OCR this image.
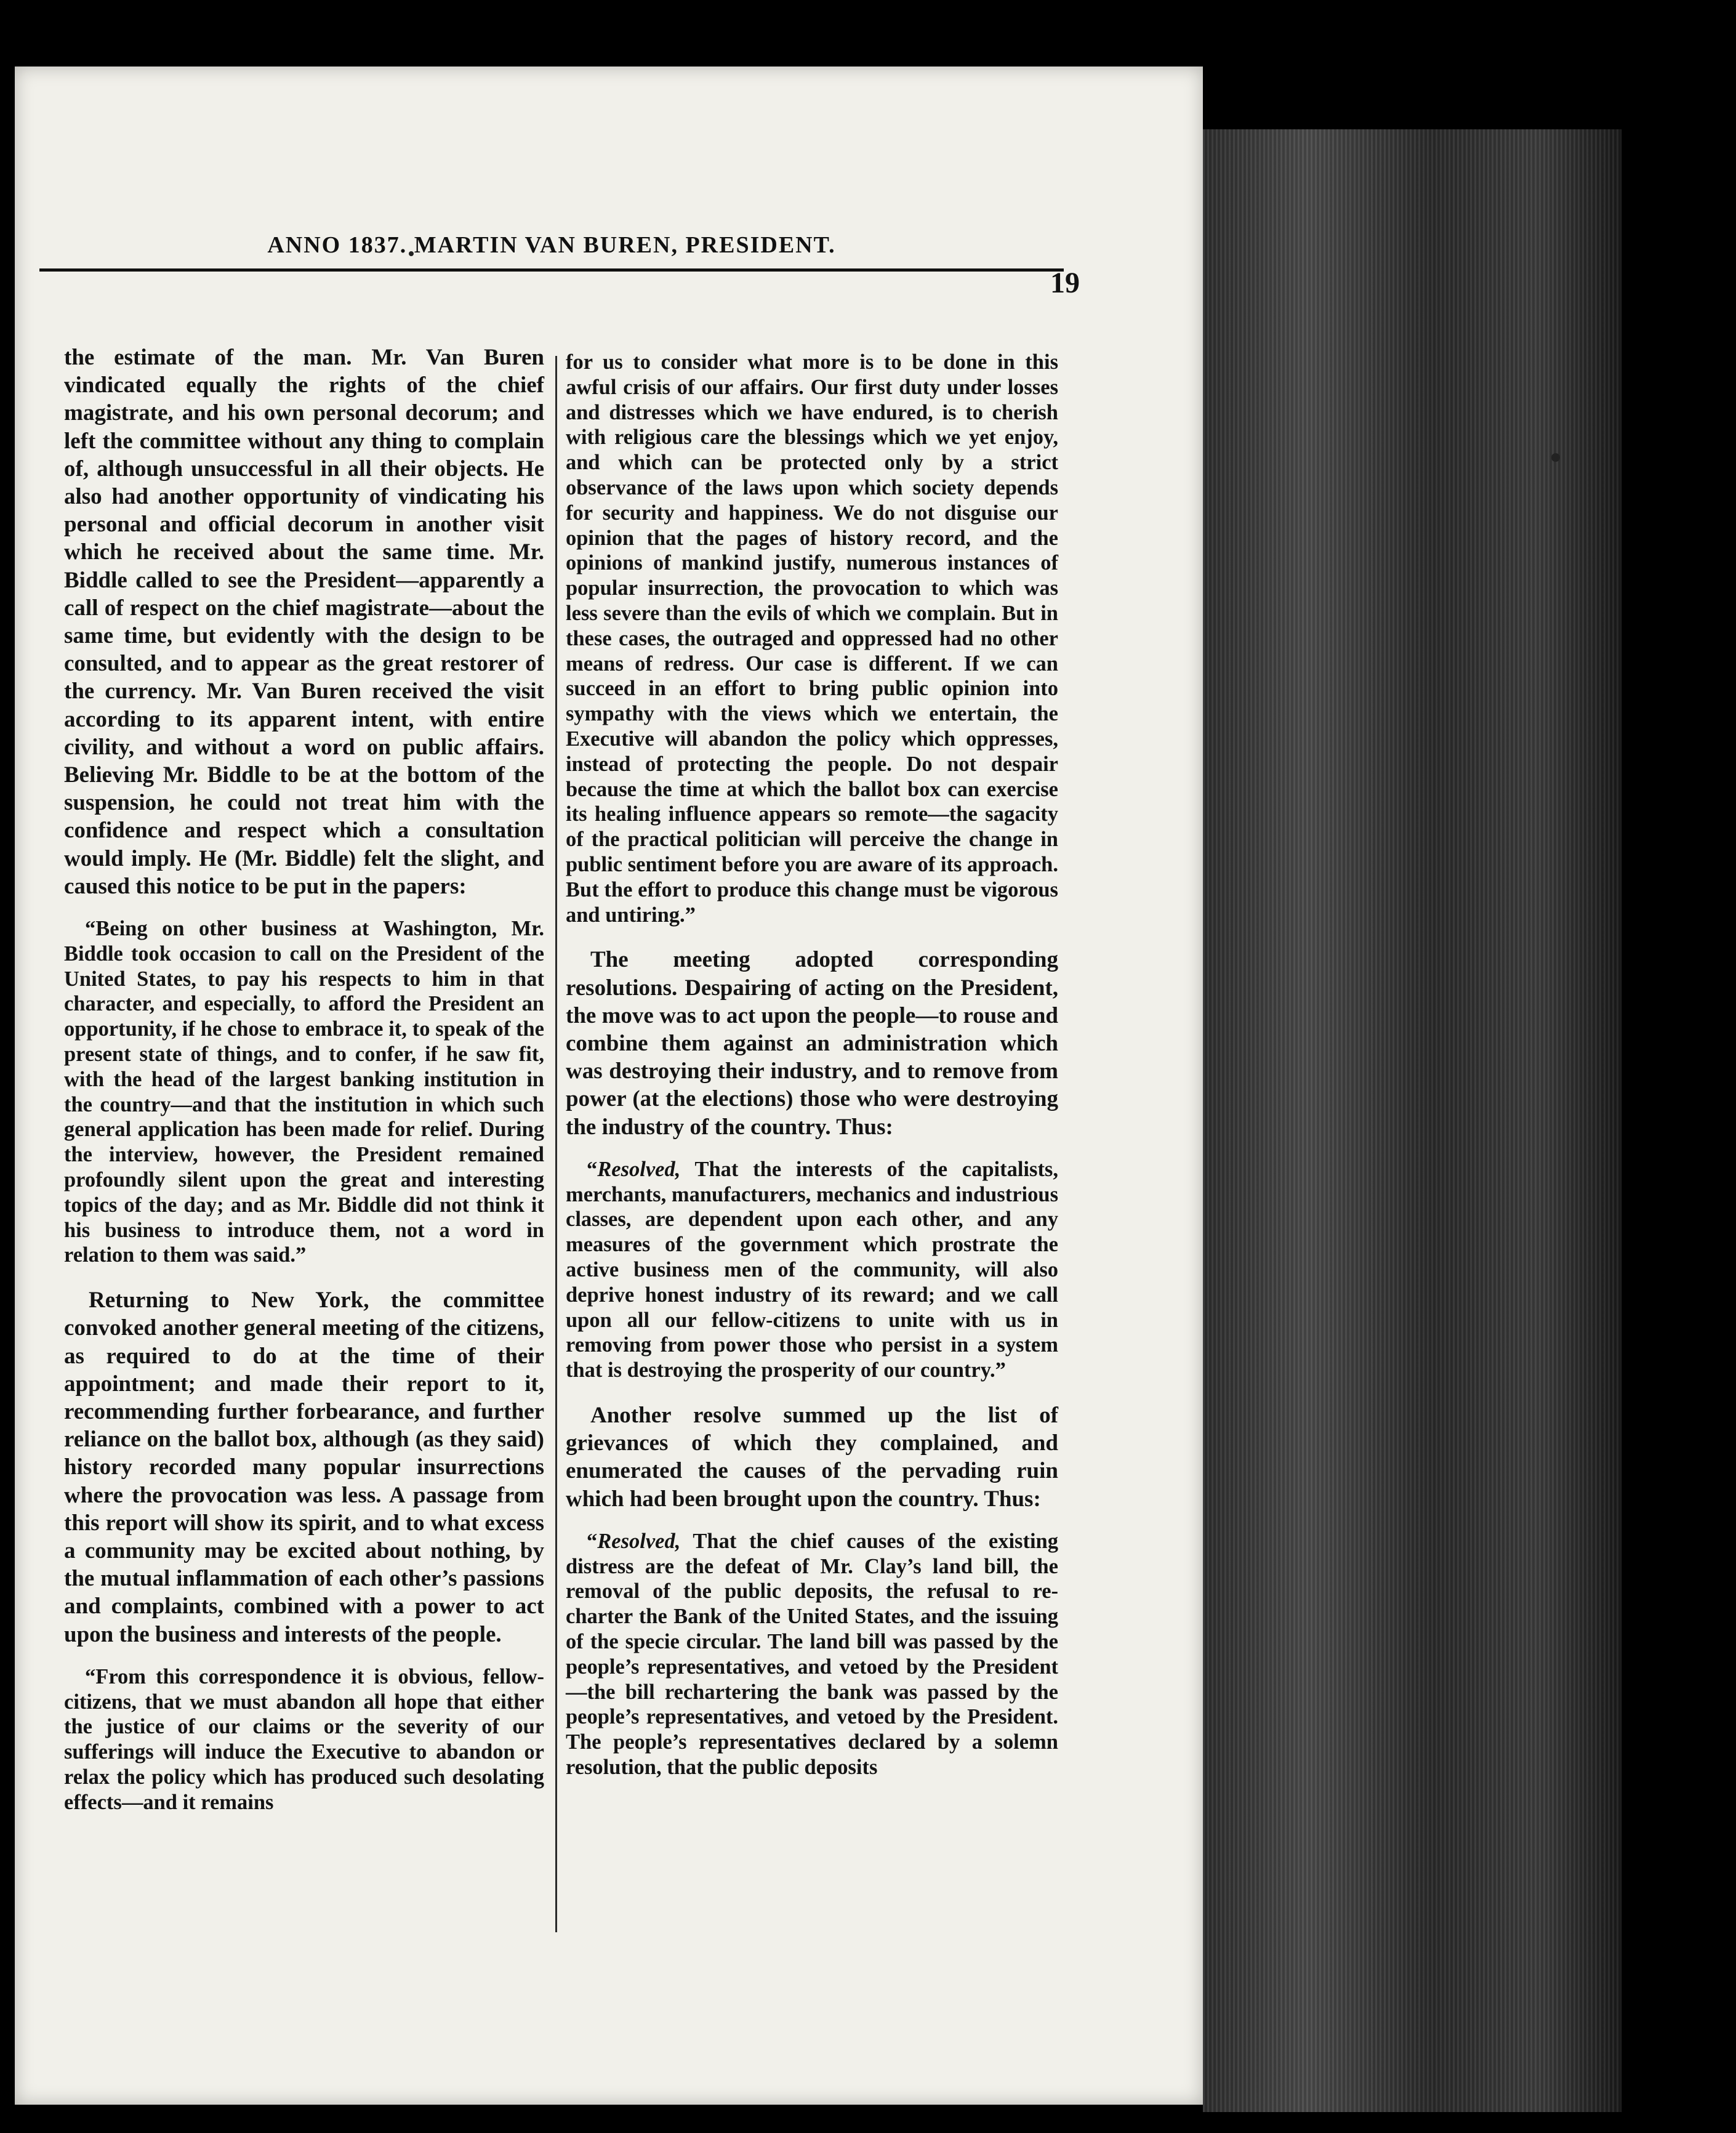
ANNO 1837. MARTIN VAN BUREN, PRESIDENT.
19

the estimate of the man. Mr. Van Buren vindicated equally the rights of the chief magistrate, and his own personal decorum; and left the committee without any thing to complain of, although unsuccessful in all their objects. He also had another opportunity of vindicating his personal and official decorum in another visit which he received about the same time. Mr. Biddle called to see the President—apparently a call of respect on the chief magistrate—about the same time, but evidently with the design to be consulted, and to appear as the great restorer of the currency. Mr. Van Buren received the visit according to its apparent intent, with entire civility, and without a word on public affairs. Believing Mr. Biddle to be at the bottom of the suspension, he could not treat him with the confidence and respect which a consultation would imply. He (Mr. Biddle) felt the slight, and caused this notice to be put in the papers:

“Being on other business at Washington, Mr. Biddle took occasion to call on the President of the United States, to pay his respects to him in that character, and especially, to afford the President an opportunity, if he chose to embrace it, to speak of the present state of things, and to confer, if he saw fit, with the head of the largest banking institution in the country—and that the institution in which such general application has been made for relief. During the interview, however, the President remained profoundly silent upon the great and interesting topics of the day; and as Mr. Biddle did not think it his business to introduce them, not a word in relation to them was said.”

Returning to New York, the committee convoked another general meeting of the citizens, as required to do at the time of their appointment; and made their report to it, recommending further forbearance, and further reliance on the ballot box, although (as they said) history recorded many popular insurrections where the provocation was less. A passage from this report will show its spirit, and to what excess a community may be excited about nothing, by the mutual inflammation of each other’s passions and complaints, combined with a power to act upon the business and interests of the people.

“From this correspondence it is obvious, fellow-citizens, that we must abandon all hope that either the justice of our claims or the severity of our sufferings will induce the Executive to abandon or relax the policy which has produced such desolating effects—and it remains

for us to consider what more is to be done in this awful crisis of our affairs. Our first duty under losses and distresses which we have endured, is to cherish with religious care the blessings which we yet enjoy, and which can be protected only by a strict observance of the laws upon which society depends for security and happiness. We do not disguise our opinion that the pages of history record, and the opinions of mankind justify, numerous instances of popular insurrection, the provocation to which was less severe than the evils of which we complain. But in these cases, the outraged and oppressed had no other means of redress. Our case is different. If we can succeed in an effort to bring public opinion into sympathy with the views which we entertain, the Executive will abandon the policy which oppresses, instead of protecting the people. Do not despair because the time at which the ballot box can exercise its healing influence appears so remote—the sagacity of the practical politician will perceive the change in public sentiment before you are aware of its approach. But the effort to produce this change must be vigorous and untiring.”

The meeting adopted corresponding resolutions. Despairing of acting on the President, the move was to act upon the people—to rouse and combine them against an administration which was destroying their industry, and to remove from power (at the elections) those who were destroying the industry of the country. Thus:

“Resolved, That the interests of the capitalists, merchants, manufacturers, mechanics and industrious classes, are dependent upon each other, and any measures of the government which prostrate the active business men of the community, will also deprive honest industry of its reward; and we call upon all our fellow-citizens to unite with us in removing from power those who persist in a system that is destroying the prosperity of our country.”

Another resolve summed up the list of grievances of which they complained, and enumerated the causes of the pervading ruin which had been brought upon the country. Thus:

“Resolved, That the chief causes of the existing distress are the defeat of Mr. Clay’s land bill, the removal of the public deposits, the refusal to re-charter the Bank of the United States, and the issuing of the specie circular. The land bill was passed by the people’s representatives, and vetoed by the President—the bill rechartering the bank was passed by the people’s representatives, and vetoed by the President. The people’s representatives declared by a solemn resolution, that the public deposits
